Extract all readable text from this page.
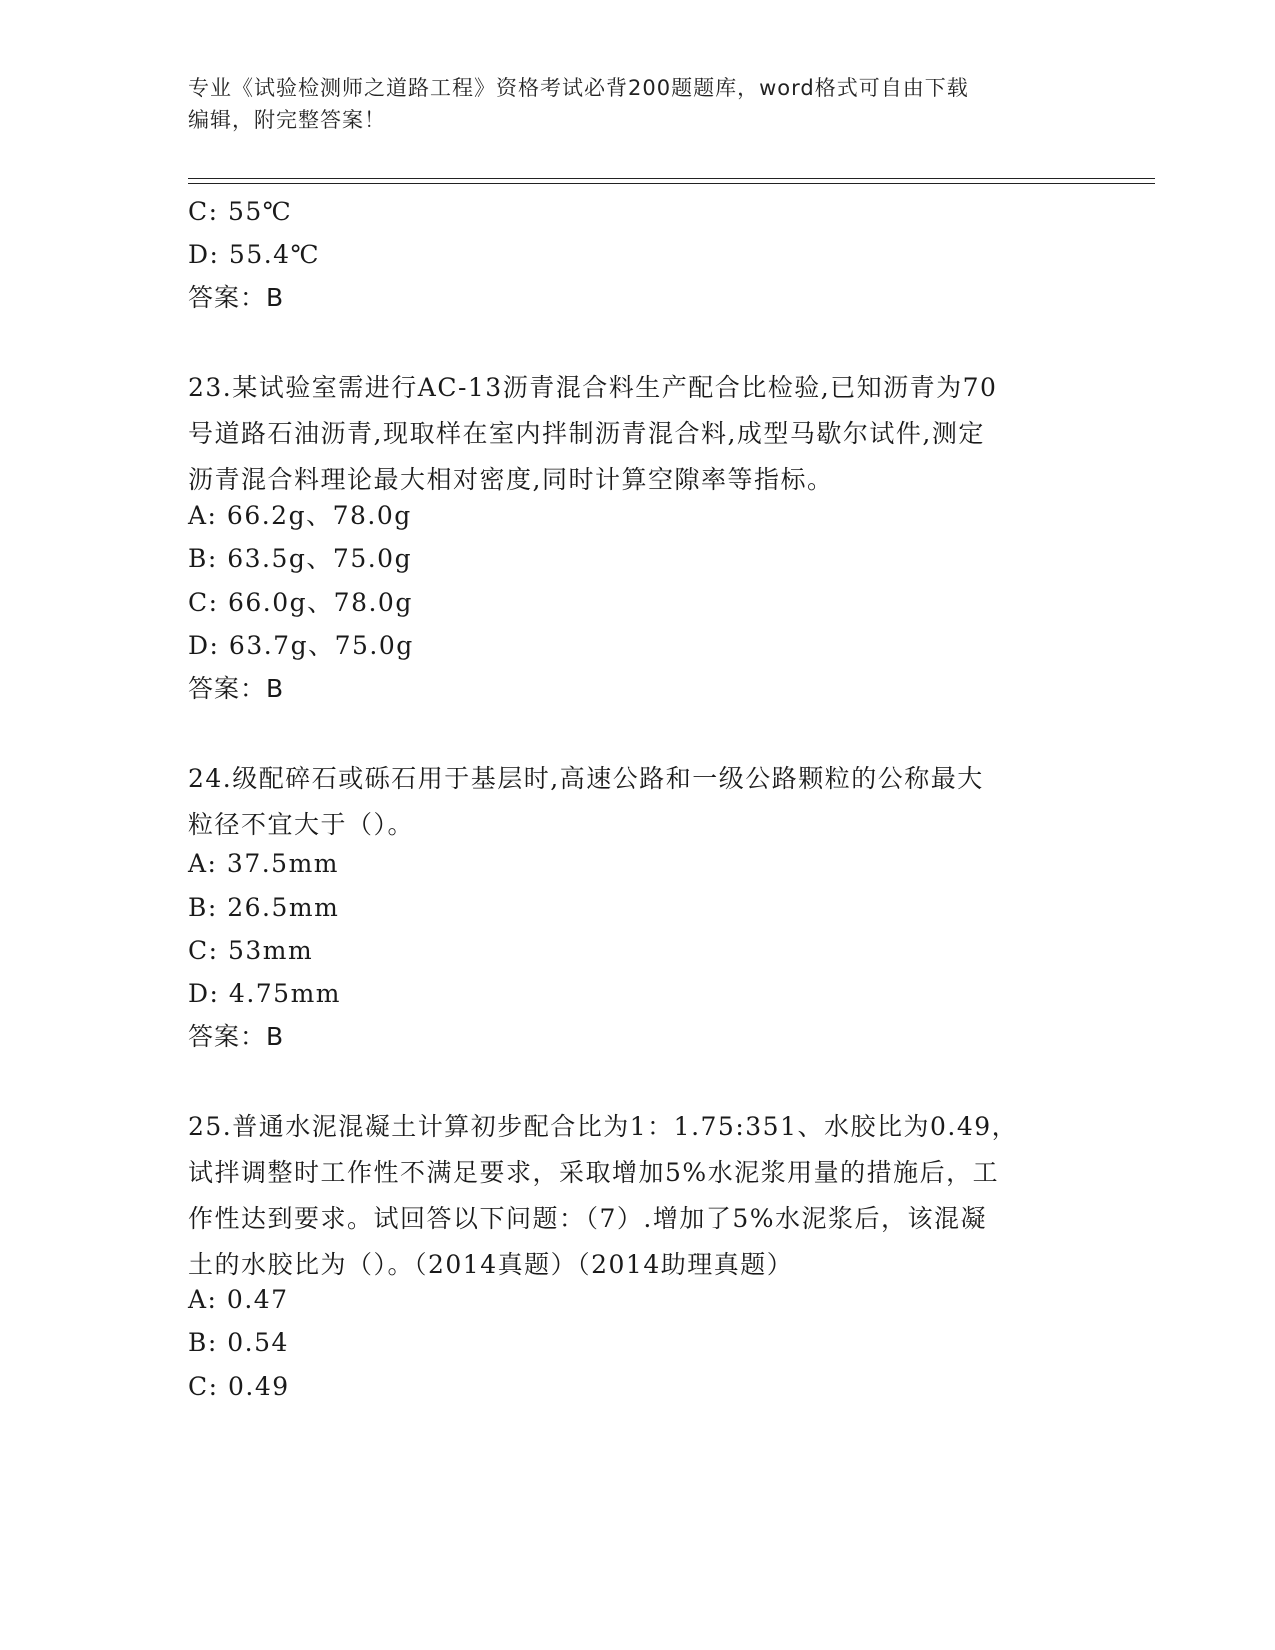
专业《试验检测师之道路工程》资格考试必背200题题库，word格式可自由下载
编辑，附完整答案！
C: 55℃
D: 55.4℃
答案：B
23.某试验室需进行AC-13沥青混合料生产配合比检验,已知沥青为70
号道路石油沥青,现取样在室内拌制沥青混合料,成型马歇尔试件,测定
沥青混合料理论最大相对密度,同时计算空隙率等指标。
A: 66.2g、78.0g
B: 63.5g、75.0g
C: 66.0g、78.0g
D: 63.7g、75.0g
答案：B
24.级配碎石或砾石用于基层时,高速公路和一级公路颗粒的公称最大
粒径不宜大于（）。
A: 37.5mm
B: 26.5mm
C: 53mm
D: 4.75mm
答案：B
25.普通水泥混凝土计算初步配合比为1：1.75:351、水胶比为0.49，
试拌调整时工作性不满足要求，采取增加5%水泥浆用量的措施后，工
作性达到要求。试回答以下问题：（7）.增加了5%水泥浆后，该混凝
土的水胶比为（）。（2014真题）（2014助理真题）
A: 0.47
B: 0.54
C: 0.49
